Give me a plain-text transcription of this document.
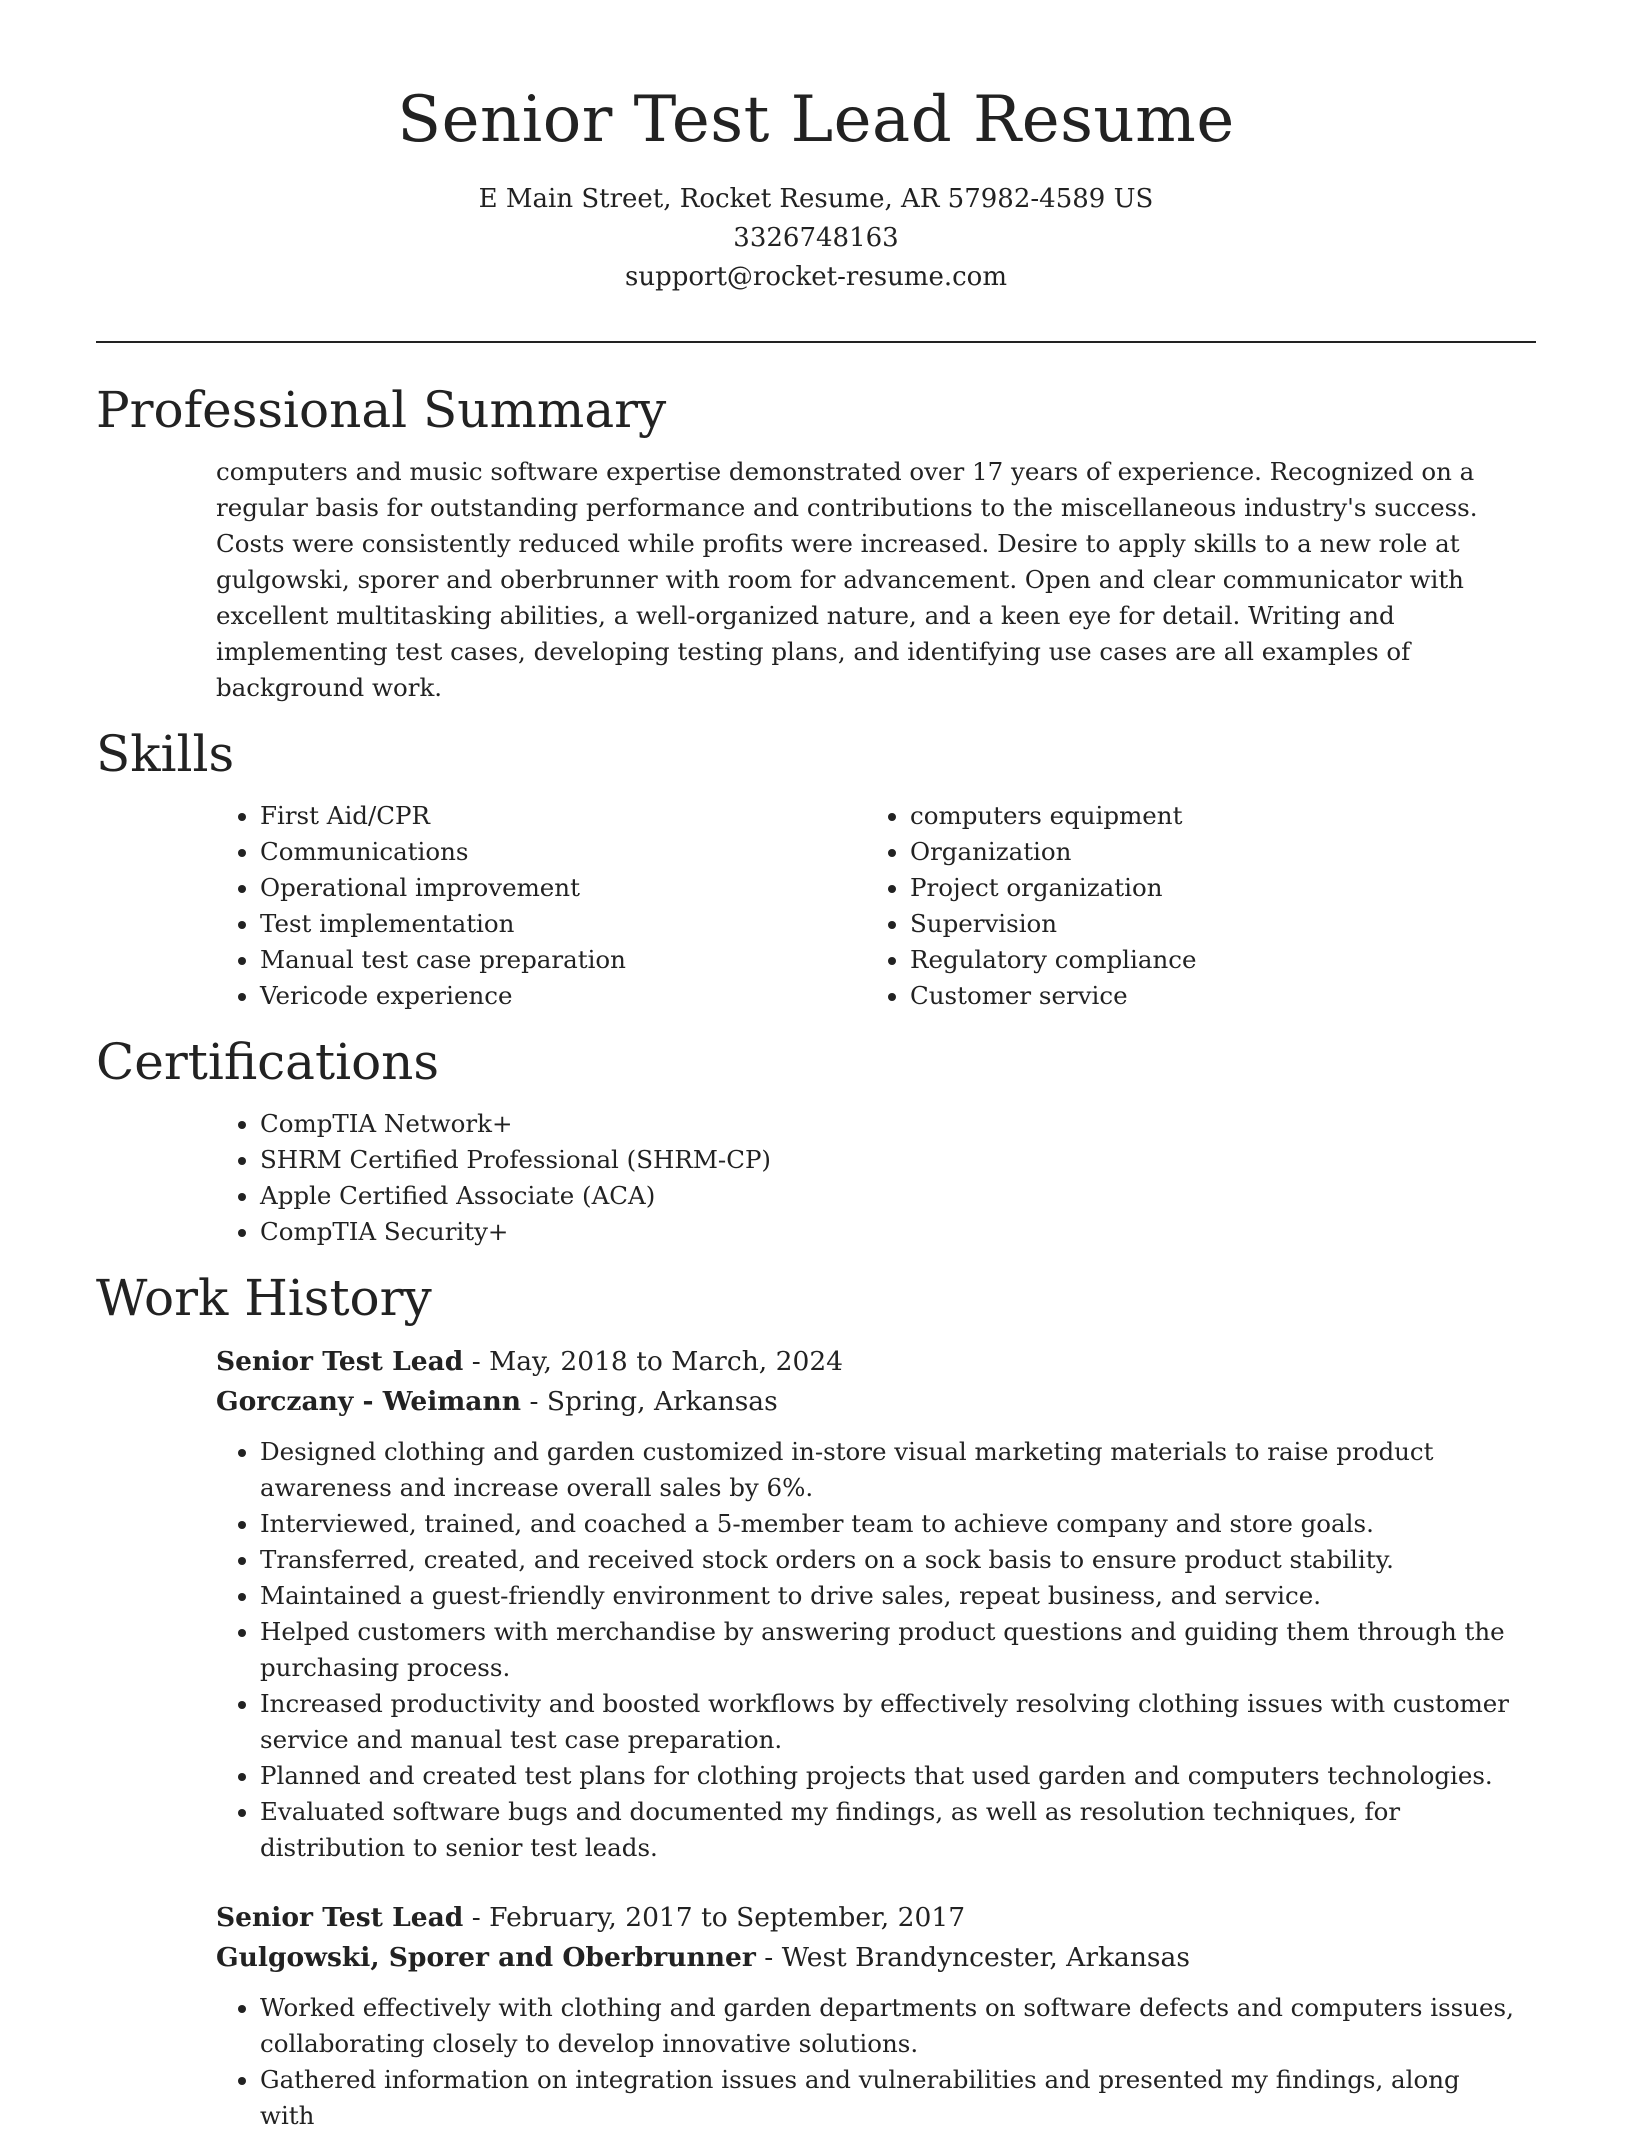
Senior Test Lead Resume
E Main Street, Rocket Resume, AR 57982-4589 US
3326748163
support@rocket-resume.com
Professional Summary

computers and music software expertise demonstrated over 17 years of experience. Recognized on a regular basis for outstanding performance and contributions to the miscellaneous industry's success. Costs were consistently reduced while profits were increased. Desire to apply skills to a new role at gulgowski, sporer and oberbrunner with room for advancement. Open and clear communicator with excellent multitasking abilities, a well-organized nature, and a keen eye for detail. Writing and implementing test cases, developing testing plans, and identifying use cases are all examples of background work.

Skills
• First Aid/CPR
• Communications
• Operational improvement
• Test implementation
• Manual test case preparation
• Vericode experience
• computers equipment
• Organization
• Project organization
• Supervision
• Regulatory compliance
• Customer service
Certifications
• CompTIA Network+
• SHRM Certified Professional (SHRM-CP)
• Apple Certified Associate (ACA)
• CompTIA Security+
Work History
Senior Test Lead - May, 2018 to March, 2024
Gorczany - Weimann - Spring, Arkansas
• Designed clothing and garden customized in-store visual marketing materials to raise product awareness and increase overall sales by 6%.
• Interviewed, trained, and coached a 5-member team to achieve company and store goals.
• Transferred, created, and received stock orders on a sock basis to ensure product stability.
• Maintained a guest-friendly environment to drive sales, repeat business, and service.
• Helped customers with merchandise by answering product questions and guiding them through the purchasing process.
• Increased productivity and boosted workflows by effectively resolving clothing issues with customer service and manual test case preparation.
• Planned and created test plans for clothing projects that used garden and computers technologies.
• Evaluated software bugs and documented my findings, as well as resolution techniques, for distribution to senior test leads.
Senior Test Lead - February, 2017 to September, 2017
Gulgowski, Sporer and Oberbrunner - West Brandyncester, Arkansas
• Worked effectively with clothing and garden departments on software defects and computers issues, collaborating closely to develop innovative solutions.
• Gathered information on integration issues and vulnerabilities and presented my findings, along with
